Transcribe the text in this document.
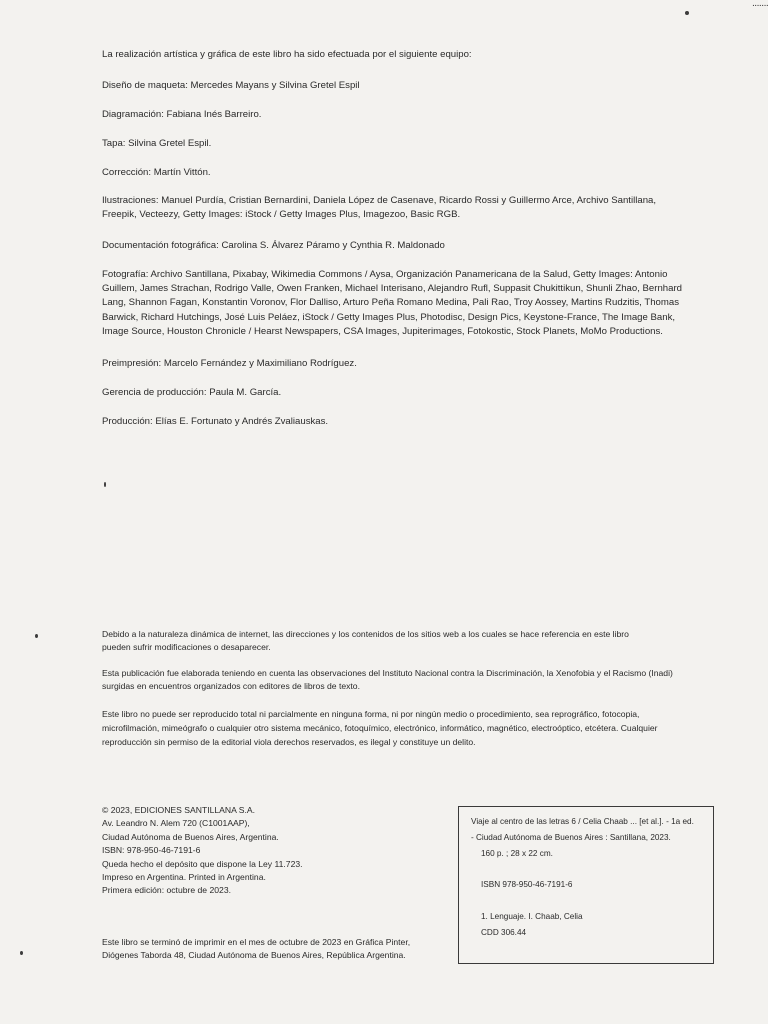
·······

La realización artística y gráfica de este libro ha sido efectuada por el siguiente equipo:

Diseño de maqueta: Mercedes Mayans y Silvina Gretel Espil

Diagramación: Fabiana Inés Barreiro.

Tapa: Silvina Gretel Espil.

Corrección: Martín Vittón.

Ilustraciones: Manuel Purdía, Cristian Bernardini, Daniela López de Casenave, Ricardo Rossi y Guillermo Arce, Archivo Santillana,

Freepik, Vecteezy, Getty Images: iStock / Getty Images Plus, Imagezoo, Basic RGB.

Documentación fotográfica: Carolina S. Álvarez Páramo y Cynthia R. Maldonado

Fotografía: Archivo Santillana, Pixabay, Wikimedia Commons / Aysa, Organización Panamericana de la Salud, Getty Images: Antonio

Guillem, James Strachan, Rodrigo Valle, Owen Franken, Michael Interisano, Alejandro Rufl, Suppasit Chukittikun, Shunli Zhao, Bernhard

Lang, Shannon Fagan, Konstantin Voronov, Flor Dalliso, Arturo Peña Romano Medina, Pali Rao, Troy Aossey, Martins Rudzitis, Thomas

Barwick, Richard Hutchings, José Luis Peláez, iStock / Getty Images Plus, Photodisc, Design Pics, Keystone-France, The Image Bank,

Image Source, Houston Chronicle / Hearst Newspapers, CSA Images, Jupiterimages, Fotokostic, Stock Planets, MoMo Productions.

Preimpresión: Marcelo Fernández y Maximiliano Rodríguez.

Gerencia de producción: Paula M. García.

Producción: Elías E. Fortunato y Andrés Zvaliauskas.

Debido a la naturaleza dinámica de internet, las direcciones y los contenidos de los sitios web a los cuales se hace referencia en este libro

pueden sufrir modificaciones o desaparecer.

Esta publicación fue elaborada teniendo en cuenta las observaciones del Instituto Nacional contra la Discriminación, la Xenofobia y el Racismo (Inadi)

surgidas en encuentros organizados con editores de libros de texto.

Este libro no puede ser reproducido total ni parcialmente en ninguna forma, ni por ningún medio o procedimiento, sea reprográfico, fotocopia,

microfilmación, mimeógrafo o cualquier otro sistema mecánico, fotoquímico, electrónico, informático, magnético, electroóptico, etcétera. Cualquier

reproducción sin permiso de la editorial viola derechos reservados, es ilegal y constituye un delito.

© 2023, EDICIONES SANTILLANA S.A.
Av. Leandro N. Alem 720 (C1001AAP),
Ciudad Autónoma de Buenos Aires, Argentina.
ISBN: 978-950-46-7191-6
Queda hecho el depósito que dispone la Ley 11.723.
Impreso en Argentina. Printed in Argentina.
Primera edición: octubre de 2023.
Este libro se terminó de imprimir en el mes de octubre de 2023 en Gráfica Pinter,
Diógenes Taborda 48, Ciudad Autónoma de Buenos Aires, República Argentina.
Viaje al centro de las letras 6 / Celia Chaab ... [et al.]. - 1a ed.
- Ciudad Autónoma de Buenos Aires : Santillana, 2023.
160 p. ; 28 x 22 cm.
ISBN 978-950-46-7191-6
1. Lenguaje. I. Chaab, Celia
CDD 306.44
